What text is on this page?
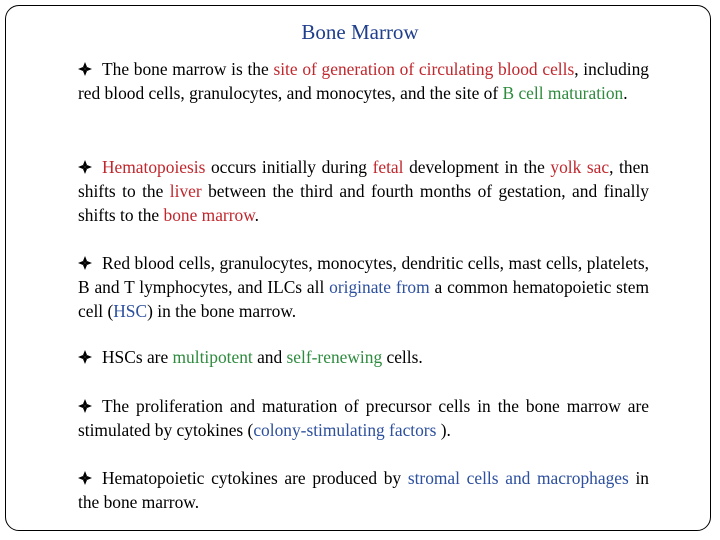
Bone Marrow

The bone marrow is the site of generation of circulating blood cells, including red blood cells, granulocytes, and monocytes, and the site of B cell maturation.

Hematopoiesis occurs initially during fetal development in the yolk sac, then shifts to the liver between the third and fourth months of gestation, and finally shifts to the bone marrow.

Red blood cells, granulocytes, monocytes, dendritic cells, mast cells, platelets, B and T lymphocytes, and ILCs all originate from a common hematopoietic stem cell (HSC) in the bone marrow.

HSCs are multipotent and self-renewing cells.

The proliferation and maturation of precursor cells in the bone marrow are stimulated by cytokines (colony-stimulating factors ).

Hematopoietic cytokines are produced by stromal cells and macrophages in the bone marrow.
